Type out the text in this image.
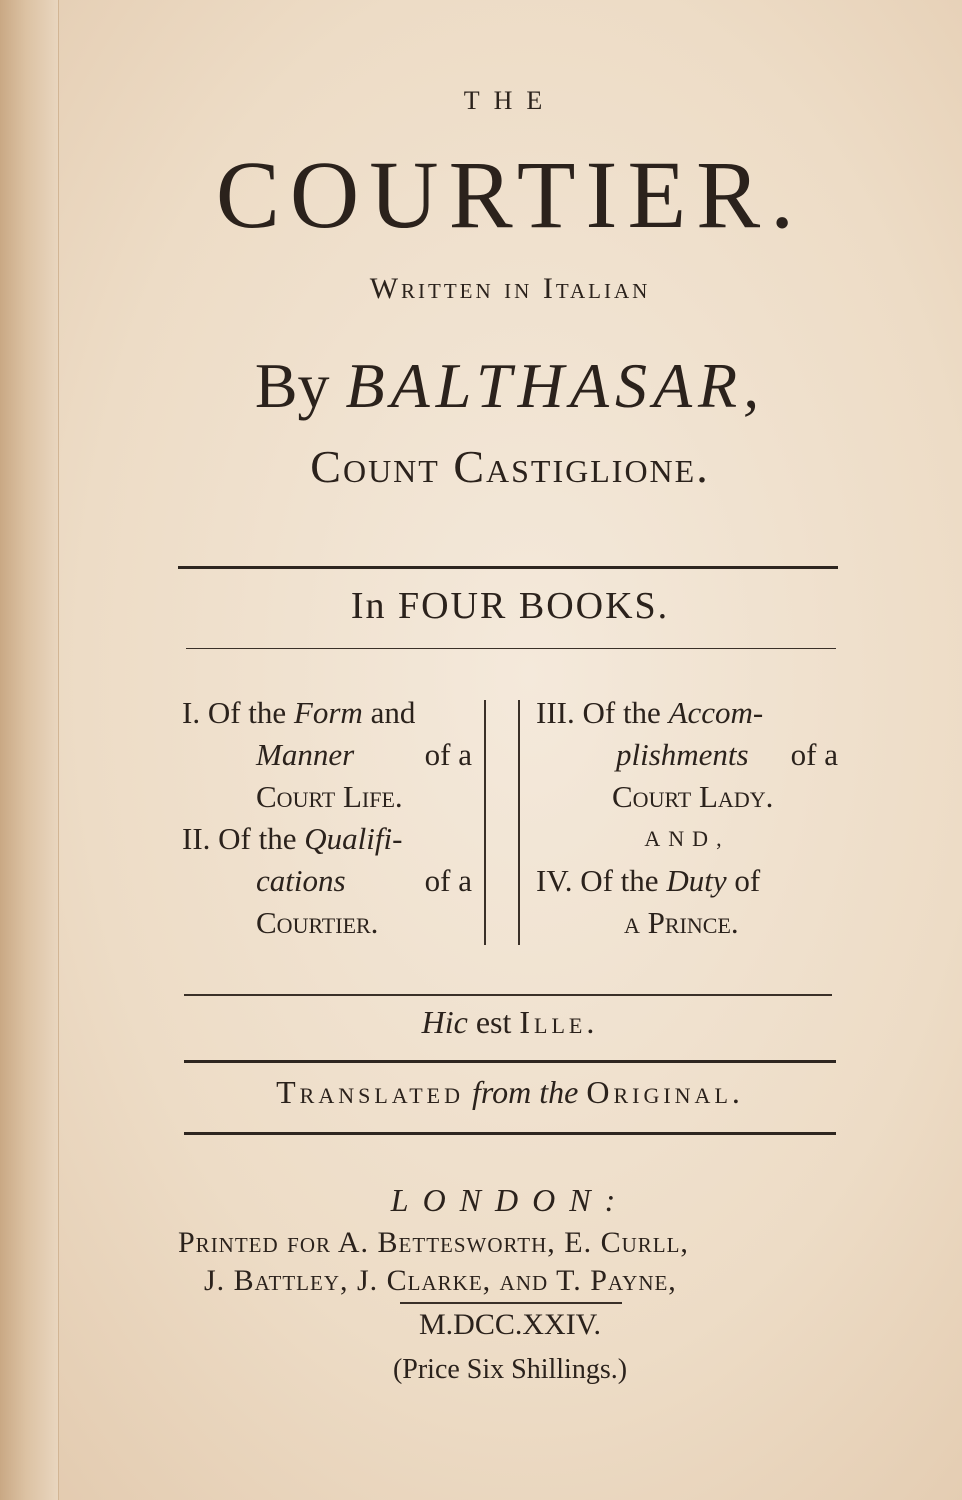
THE
COURTIER.
Written in Italian
By BALTHASAR,
Count Castiglione.
In FOUR BOOKS.
I. Of the Form and
Manner of a
Court Life.
II. Of the Qualifi-
cations	of a
Courtier.
III. Of the Accom-
plishments of a
Court Lady.
AND,
IV. Of the Duty of
a Prince.
Hic est Ille.
Translated from the Original.
LONDON:
Printed for A. Bettesworth, E. Curll,
J. Battley, J. Clarke, and T. Payne,
M.DCC.XXIV.
(Price Six Shillings.)
